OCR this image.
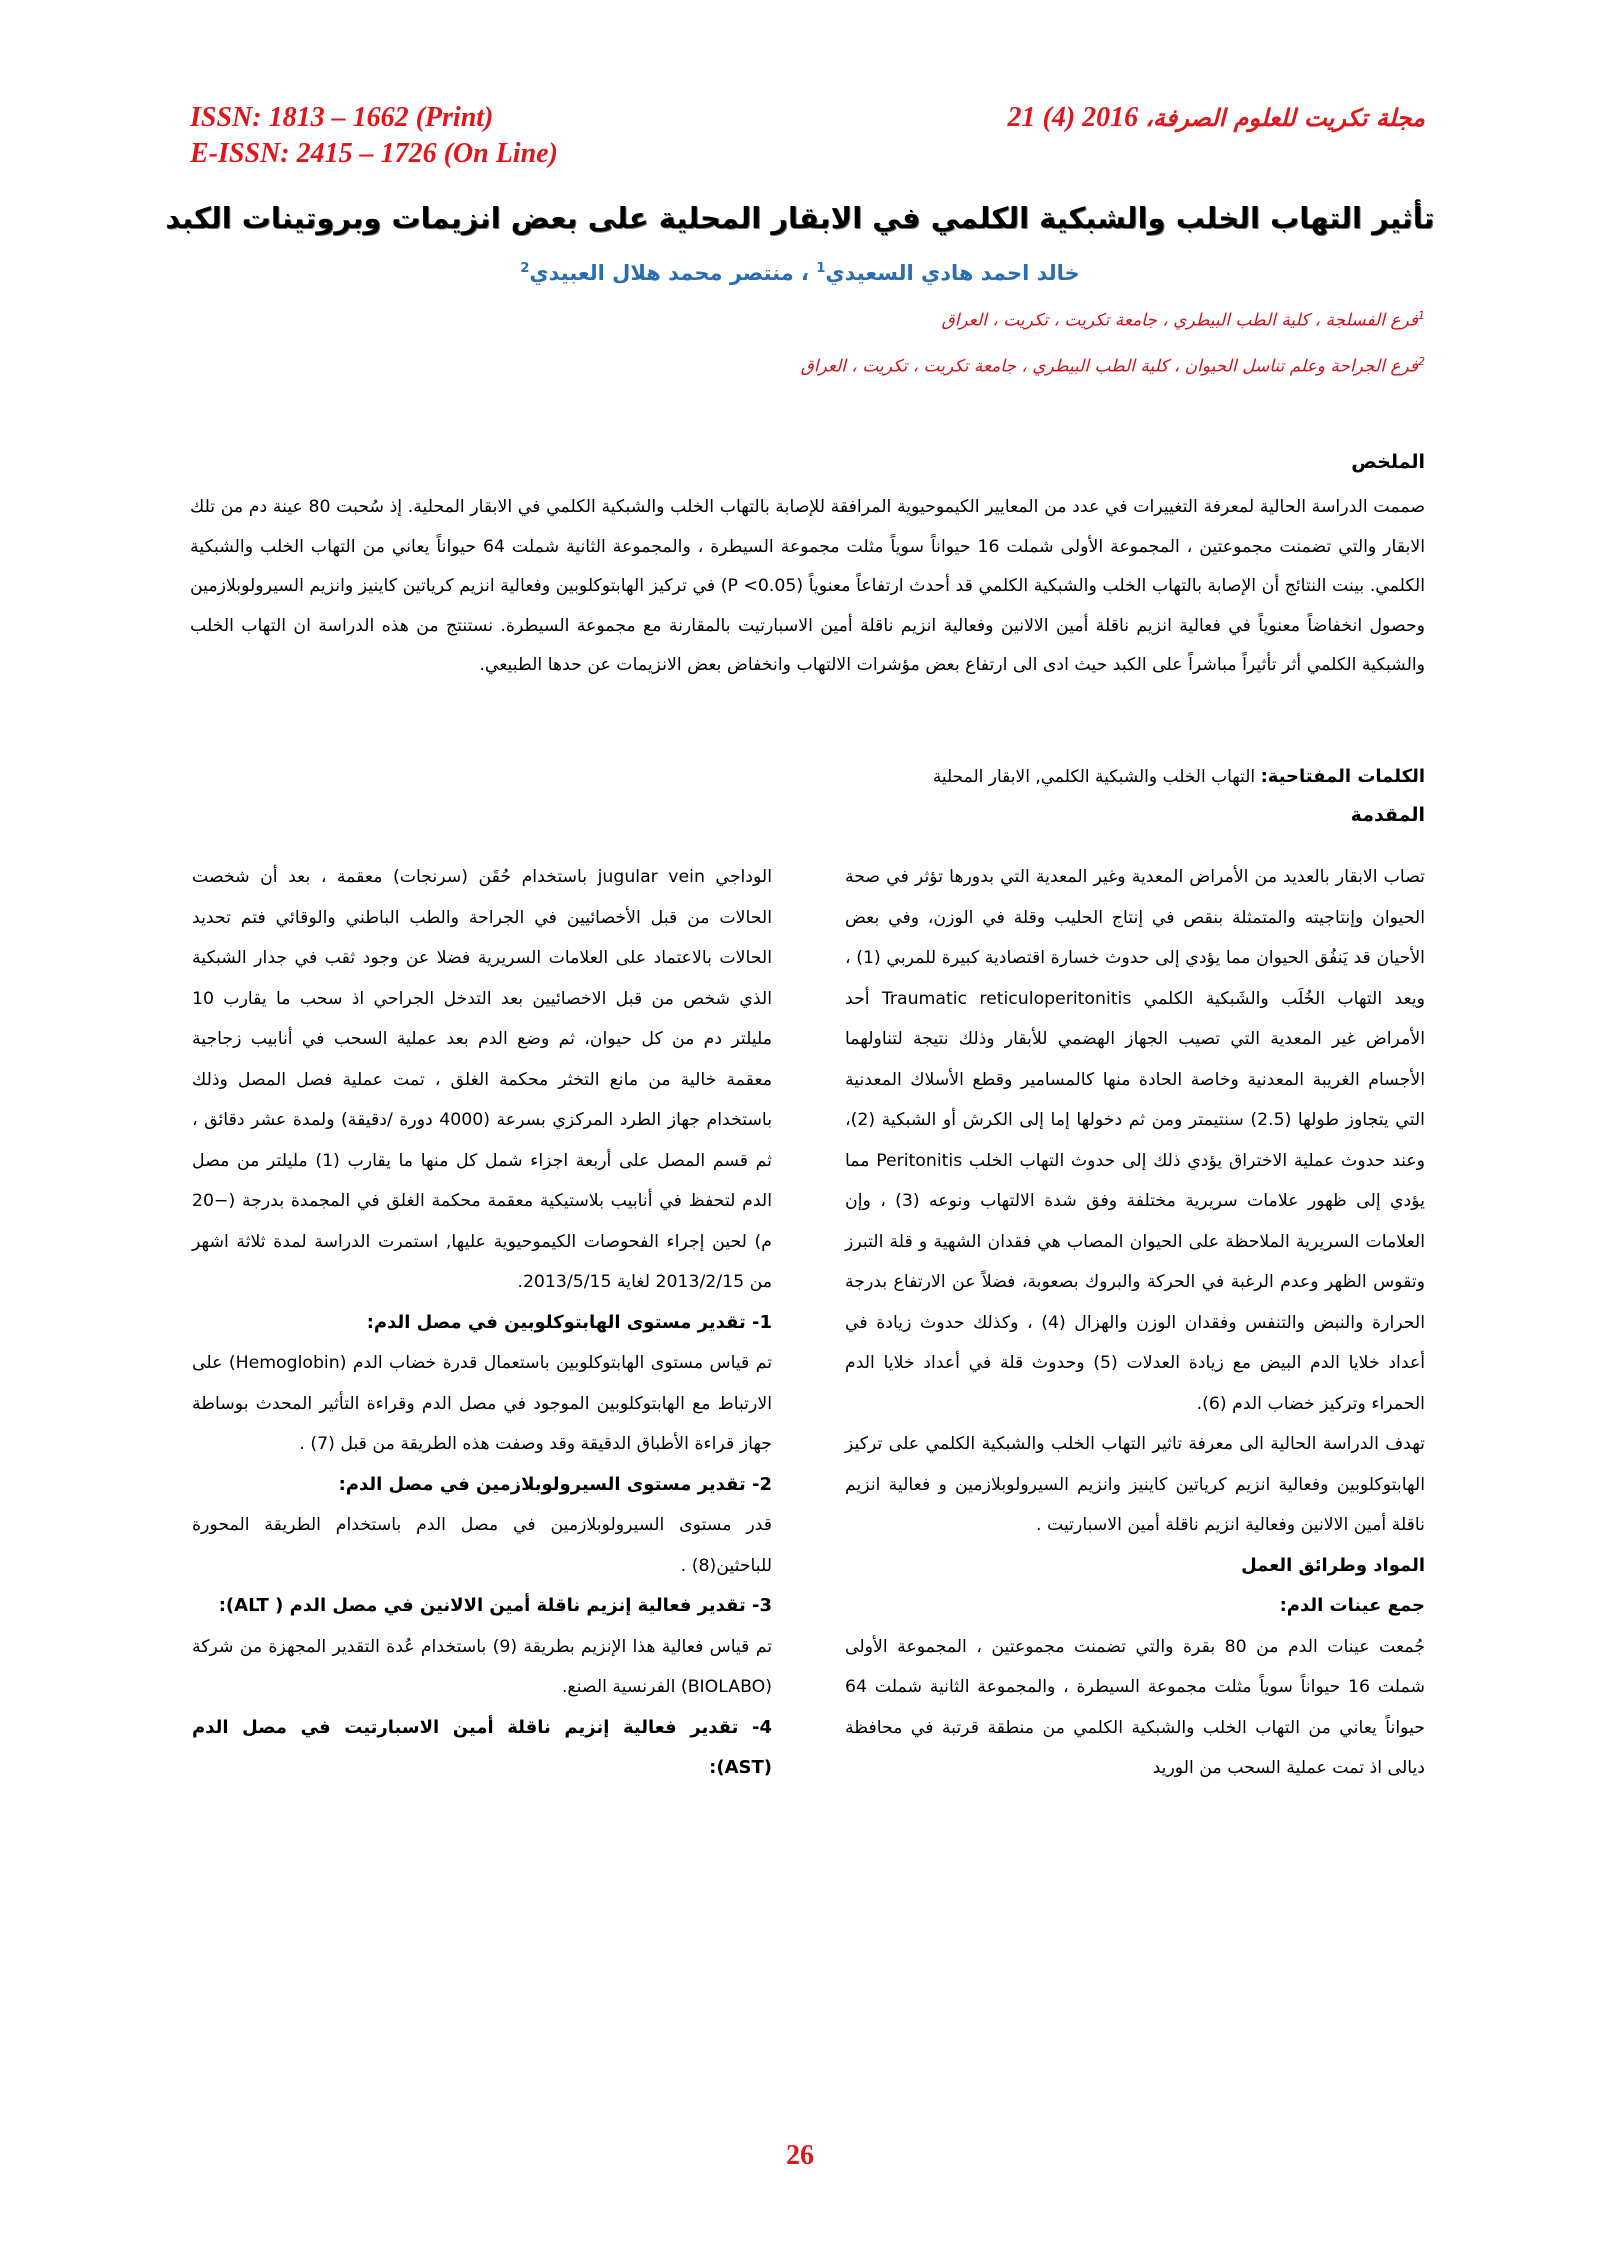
ISSN: 1813 – 1662 (Print)
E-ISSN: 2415 – 1726 (On Line)
مجلة تكريت للعلوم الصرفة، 21 (4) 2016
تأثير التهاب الخلب والشبكية الكلمي في الابقار المحلية على بعض انزيمات وبروتينات الكبد
خالد احمد هادي السعيدي$^1$ ، منتصر محمد هلال العبيدي$^2$
$^1$فرع الفسلجة ، كلية الطب البيطري ، جامعة تكريت ، تكريت ، العراق
$^2$فرع الجراحة وعلم تناسل الحيوان ، كلية الطب البيطري ، جامعة تكريت ، تكريت ، العراق
الملخص
صممت الدراسة الحالية لمعرفة التغييرات في عدد من المعايير الكيموحيوية المرافقة للإصابة بالتهاب الخلب والشبكية الكلمي في الابقار المحلية. إذ سُحبت 80 عينة دم من تلك الابقار والتي تضمنت مجموعتين ، المجموعة الأولى شملت 16 حيواناً سوياً مثلت مجموعة السيطرة ، والمجموعة الثانية شملت 64 حيواناً يعاني من التهاب الخلب والشبكية الكلمي. بينت النتائج أن الإصابة بالتهاب الخلب والشبكية الكلمي قد أحدث ارتفاعاً معنوياً (P <0.05) في تركيز الهابتوكلوبين وفعالية انزيم كرياتين كاينيز وانزيم السيرولوبلازمين وحصول انخفاضاً معنوياً في فعالية انزيم ناقلة أمين الالانين وفعالية انزيم ناقلة أمين الاسبارتيت بالمقارنة مع مجموعة السيطرة. نستنتج من هذه الدراسة ان التهاب الخلب والشبكية الكلمي أثر تأثيراً مباشراً على الكبد حيث ادى الى ارتفاع بعض مؤشرات الالتهاب وانخفاض بعض الانزيمات عن حدها الطبيعي.
الكلمات المفتاحية: التهاب الخلب والشبكية الكلمي, الابقار المحلية
المقدمة

تصاب الابقار بالعديد من الأمراض المعدية وغير المعدية التي بدورها تؤثر في صحة الحيوان وإنتاجيته والمتمثلة بنقص في إنتاج الحليب وقلة في الوزن، وفي بعض الأحيان قد يَنفُق الحيوان مما يؤدي إلى حدوث خسارة اقتصادية كبيرة للمربي (1) ، ويعد التهاب الخُلَب والشَبكية الكلمي Traumatic reticuloperitonitis أحد الأمراض غير المعدية التي تصيب الجهاز الهضمي للأبقار وذلك نتيجة لتناولهما الأجسام الغريبة المعدنية وخاصة الحادة منها كالمسامير وقطع الأسلاك المعدنية التي يتجاوز طولها (2.5) سنتيمتر ومن ثم دخولها إما إلى الكرش أو الشبكية (2)، وعند حدوث عملية الاختراق يؤدي ذلك إلى حدوث التهاب الخلب Peritonitis مما يؤدي إلى ظهور علامات سريرية مختلفة وفق شدة الالتهاب ونوعه (3) ، وإن العلامات السريرية الملاحظة على الحيوان المصاب هي فقدان الشهية و قلة التبرز وتقوس الظهر وعدم الرغبة في الحركة والبروك بصعوبة، فضلاً عن الارتفاع بدرجة الحرارة والنبض والتنفس وفقدان الوزن والهزال (4) ، وكذلك حدوث زيادة في أعداد خلايا الدم البيض مع زيادة العدلات (5) وحدوث قلة في أعداد خلايا الدم الحمراء وتركيز خضاب الدم (6).

تهدف الدراسة الحالية الى معرفة تاثير التهاب الخلب والشبكية الكلمي على تركيز الهابتوكلوبين وفعالية انزيم كرياتين كاينيز وانزيم السيرولوبلازمين و فعالية انزيم ناقلة أمين الالانين وفعالية انزيم ناقلة أمين الاسبارتيت .

المواد وطرائق العمل

جمع عينات الدم:

جُمعت عينات الدم من 80 بقرة والتي تضمنت مجموعتين ، المجموعة الأولى شملت 16 حيواناً سوياً مثلت مجموعة السيطرة ، والمجموعة الثانية شملت 64 حيواناً يعاني من التهاب الخلب والشبكية الكلمي من منطقة قرتبة في محافظة ديالى اذ تمت عملية السحب من الوريد

الوداجي jugular vein باستخدام حُقَن (سرنجات) معقمة ، بعد أن شخصت الحالات من قبل الأخصائيين في الجراحة والطب الباطني والوقائي فتم تحديد الحالات بالاعتماد على العلامات السريرية فضلا عن وجود ثقب في جدار الشبكية الذي شخص من قبل الاخصائيين بعد التدخل الجراحي اذ سحب ما يقارب 10 مليلتر دم من كل حيوان، ثم وضع الدم بعد عملية السحب في أنابيب زجاجية معقمة خالية من مانع التخثر محكمة الغلق ، تمت عملية فصل المصل وذلك باستخدام جهاز الطرد المركزي بسرعة (4000 دورة /دقيقة) ولمدة عشر دقائق ، ثم قسم المصل على أربعة اجزاء شمل كل منها ما يقارب (1) مليلتر من مصل الدم لتحفظ في أنابيب بلاستيكية معقمة محكمة الغلق في المجمدة بدرجة (−20 م) لحين إجراء الفحوصات الكيموحيوية عليها, استمرت الدراسة لمدة ثلاثة اشهر من 2013/2/15 لغاية 2013/5/15.

1- تقدير مستوى الهابتوكلوبين في مصل الدم:

تم قياس مستوى الهابتوكلوبين باستعمال قدرة خضاب الدم (Hemoglobin) على الارتباط مع الهابتوكلوبين الموجود في مصل الدم وقراءة التأثير المحدث بوساطة جهاز قراءة الأطباق الدقيقة وقد وصفت هذه الطريقة من قبل (7) .

2- تقدير مستوى السيرولوبلازمين في مصل الدم:

قدر مستوى السيرولوبلازمين في مصل الدم باستخدام الطريقة المحورة للباحثين(8) .

3- تقدير فعالية إنزيم ناقلة أمين الالانين في مصل الدم ( ALT):

تم قياس فعالية هذا الإنزيم بطريقة (9) باستخدام عُدة التقدير المجهزة من شركة (BIOLABO) الفرنسية الصنع.

4- تقدير فعالية إنزيم ناقلة أمين الاسبارتيت في مصل الدم (AST):

26
